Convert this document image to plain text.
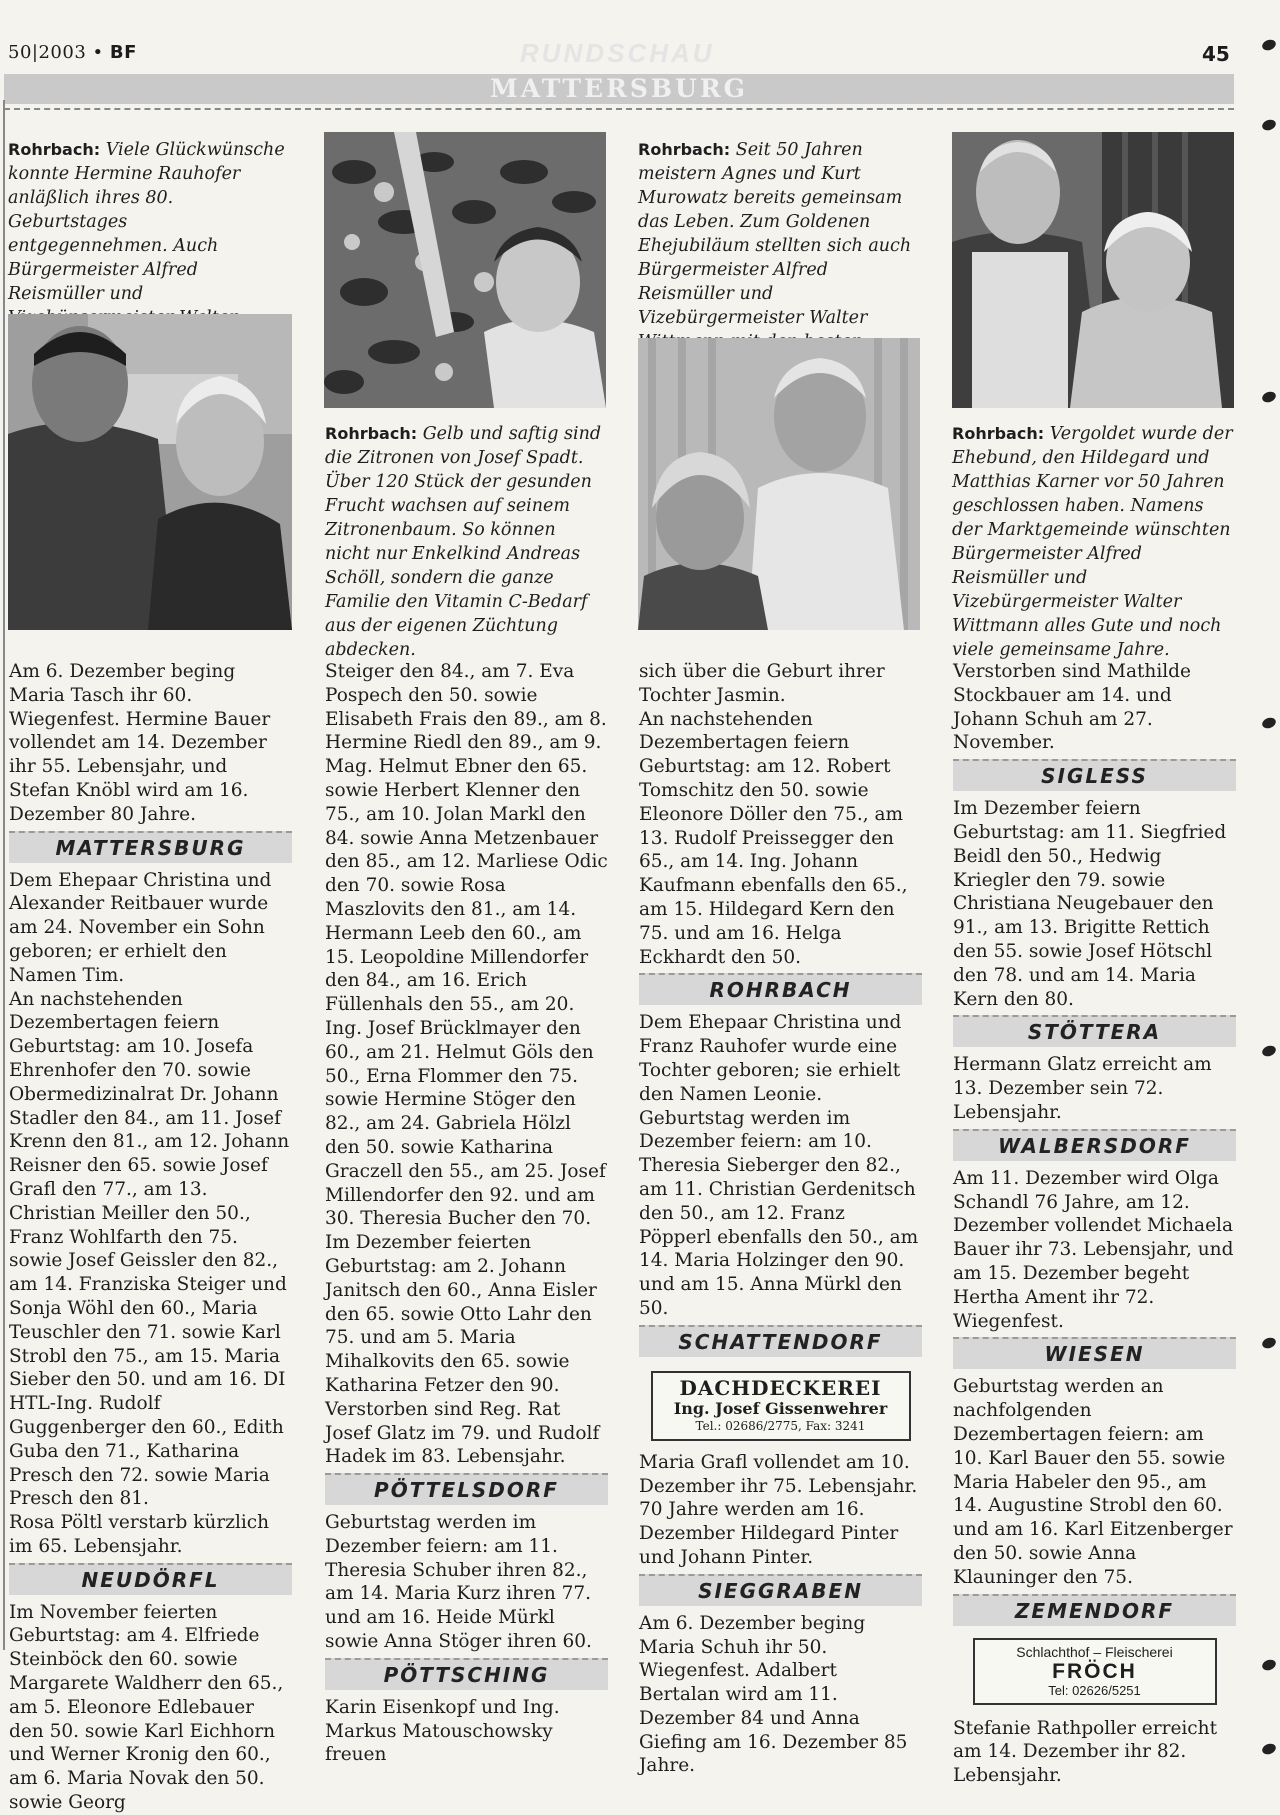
50|2003 • BF	RUNDSCHAU	45
MATTERSBURG
Rohrbach: Viele Glückwünsche konnte Hermine Rauhofer anläßlich ihres 80. Geburtstages entgegennehmen. Auch Bürgermeister Alfred Reismüller und
Rohrbach: Gelb und saftig sind die Zitronen von Josef Spadt. Über 120 Stück der gesunden Frucht wachsen auf seinem Zitronenbaum. So können nicht nur Enkelkind Andreas Schöll, sondern die ganze Familie den Vitamin C-Bedarf aus der eigenen Züchtung abdecken.
Rohrbach: Seit 50 Jahren meistern Agnes und Kurt Murowatz bereits gemeinsam das Leben. Zum Goldenen Ehejubiläum stellten sich auch Bürgermeister Alfred Reismüller und Vizebürgermeister Walter
Rohrbach: Vergoldet wurde der Ehebund, den Hildegard und Matthias Karner vor 50 Jahren geschlossen haben. Namens der Marktgemeinde wünschten Bürgermeister Alfred Reismüller und Vizebürgermeister Walter Wittmann alles Gute und noch viele gemeinsame Jahre.

Am 6. Dezember beging Maria Tasch ihr 60. Wiegenfest. Hermine Bauer vollendet am 14. Dezember ihr 55. Lebensjahr, und Stefan Knöbl wird am 16. Dezember 80 Jahre.

MATTERSBURG

Dem Ehepaar Christina und Alexander Reitbauer wurde am 24. November ein Sohn geboren; er erhielt den Namen Tim.

An nachstehenden Dezembertagen feiern Geburtstag: am 10. Josefa Ehrenhofer den 70. sowie Obermedizinalrat Dr. Johann Stadler den 84., am 11. Josef Krenn den 81., am 12. Johann Reisner den 65. sowie Josef Grafl den 77., am 13. Christian Meiller den 50., Franz Wohlfarth den 75. sowie Josef Geissler den 82., am 14. Franziska Steiger und Sonja Wöhl den 60., Maria Teuschler den 71. sowie Karl Strobl den 75., am 15. Maria Sieber den 50. und am 16. DI HTL-Ing. Rudolf Guggenberger den 60., Edith Guba den 71., Katharina Presch den 72. sowie Maria Presch den 81.

Rosa Pöltl verstarb kürzlich im 65. Lebensjahr.

NEUDÖRFL

Im November feierten Geburtstag: am 4. Elfriede Steinböck den 60. sowie Margarete Waldherr den 65., am 5. Eleonore Edlebauer den 50. sowie Karl Eichhorn und Werner Kronig den 60., am 6. Maria Novak den 50. sowie Georg

Steiger den 84., am 7. Eva Pospech den 50. sowie Elisabeth Frais den 89., am 8. Hermine Riedl den 89., am 9. Mag. Helmut Ebner den 65. sowie Herbert Klenner den 75., am 10. Jolan Markl den 84. sowie Anna Metzenbauer den 85., am 12. Marliese Odic den 70. sowie Rosa Maszlovits den 81., am 14. Hermann Leeb den 60., am 15. Leopoldine Millendorfer den 84., am 16. Erich Füllenhals den 55., am 20. Ing. Josef Brücklmayer den 60., am 21. Helmut Göls den 50., Erna Flommer den 75. sowie Hermine Stöger den 82., am 24. Gabriela Hölzl den 50. sowie Katharina Graczell den 55., am 25. Josef Millendorfer den 92. und am 30. Theresia Bucher den 70.

Im Dezember feierten Geburtstag: am 2. Johann Janitsch den 60., Anna Eisler den 65. sowie Otto Lahr den 75. und am 5. Maria Mihalkovits den 65. sowie Katharina Fetzer den 90.

Verstorben sind Reg. Rat Josef Glatz im 79. und Rudolf Hadek im 83. Lebensjahr.

PÖTTELSDORF

Geburtstag werden im Dezember feiern: am 11. Theresia Schuber ihren 82., am 14. Maria Kurz ihren 77. und am 16. Heide Mürkl sowie Anna Stöger ihren 60.

PÖTTSCHING

Karin Eisenkopf und Ing. Markus Matouschowsky freuen

sich über die Geburt ihrer Tochter Jasmin.

An nachstehenden Dezembertagen feiern Geburtstag: am 12. Robert Tomschitz den 50. sowie Eleonore Döller den 75., am 13. Rudolf Preissegger den 65., am 14. Ing. Johann Kaufmann ebenfalls den 65., am 15. Hildegard Kern den 75. und am 16. Helga Eckhardt den 50.

ROHRBACH

Dem Ehepaar Christina und Franz Rauhofer wurde eine Tochter geboren; sie erhielt den Namen Leonie.

Geburtstag werden im Dezember feiern: am 10. Theresia Sieberger den 82., am 11. Christian Gerdenitsch den 50., am 12. Franz Pöpperl ebenfalls den 50., am 14. Maria Holzinger den 90. und am 15. Anna Mürkl den 50.

SCHATTENDORF
DACHDECKEREI
Ing. Josef Gissenwehrer
Tel.: 02686/2775, Fax: 3241

Maria Grafl vollendet am 10. Dezember ihr 75. Lebensjahr. 70 Jahre werden am 16. Dezember Hildegard Pinter und Johann Pinter.

SIEGGRABEN

Am 6. Dezember beging Maria Schuh ihr 50. Wiegenfest. Adalbert Bertalan wird am 11. Dezember 84 und Anna Giefing am 16. Dezember 85 Jahre.

Verstorben sind Mathilde Stockbauer am 14. und Johann Schuh am 27. November.

SIGLESS

Im Dezember feiern Geburtstag: am 11. Siegfried Beidl den 50., Hedwig Kriegler den 79. sowie Christiana Neugebauer den 91., am 13. Brigitte Rettich den 55. sowie Josef Hötschl den 78. und am 14. Maria Kern den 80.

STÖTTERA

Hermann Glatz erreicht am 13. Dezember sein 72. Lebensjahr.

WALBERSDORF

Am 11. Dezember wird Olga Schandl 76 Jahre, am 12. Dezember vollendet Michaela Bauer ihr 73. Lebensjahr, und am 15. Dezember begeht Hertha Ament ihr 72. Wiegenfest.

WIESEN

Geburtstag werden an nachfolgenden Dezembertagen feiern: am 10. Karl Bauer den 55. sowie Maria Habeler den 95., am 14. Augustine Strobl den 60. und am 16. Karl Eitzenberger den 50. sowie Anna Klauninger den 75.

ZEMENDORF
Schlachthof – Fleischerei
FRÖCH
Tel: 02626/5251

Stefanie Rathpoller erreicht am 14. Dezember ihr 82. Lebensjahr.
